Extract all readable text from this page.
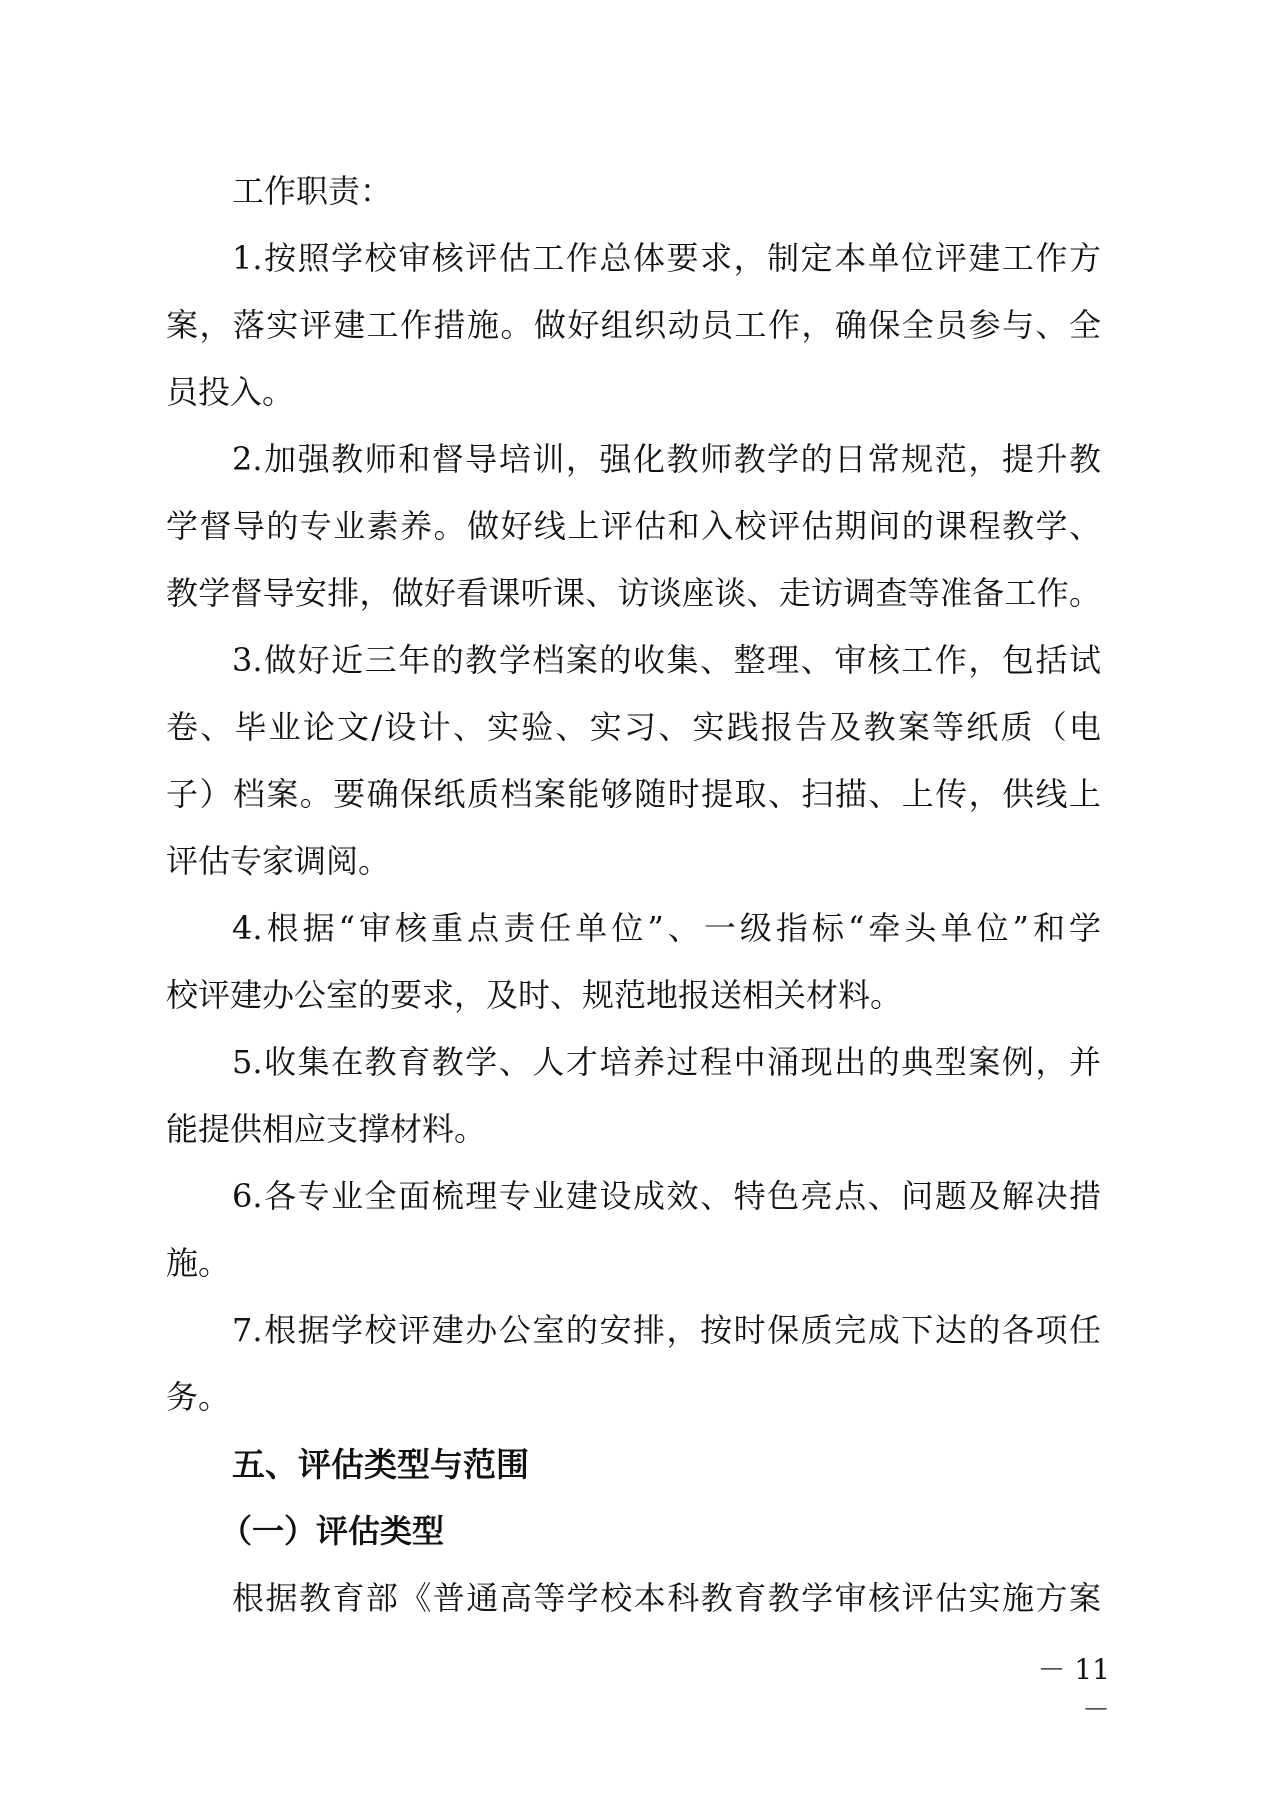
工作职责：
1.按照学校审核评估工作总体要求，制定本单位评建工作方
案，落实评建工作措施。做好组织动员工作，确保全员参与、全
员投入。
2.加强教师和督导培训，强化教师教学的日常规范，提升教
学督导的专业素养。做好线上评估和入校评估期间的课程教学、
教学督导安排，做好看课听课、访谈座谈、走访调查等准备工作。
3.做好近三年的教学档案的收集、整理、审核工作，包括试
卷、毕业论文/设计、实验、实习、实践报告及教案等纸质（电
子）档案。要确保纸质档案能够随时提取、扫描、上传，供线上
评估专家调阅。
4.根据“审核重点责任单位”、一级指标“牵头单位”和学
校评建办公室的要求，及时、规范地报送相关材料。
5.收集在教育教学、人才培养过程中涌现出的典型案例，并
能提供相应支撑材料。
6.各专业全面梳理专业建设成效、特色亮点、问题及解决措
施。
7.根据学校评建办公室的安排，按时保质完成下达的各项任
务。
五、评估类型与范围
（一）评估类型
根据教育部《普通高等学校本科教育教学审核评估实施方案
－ 11 －
